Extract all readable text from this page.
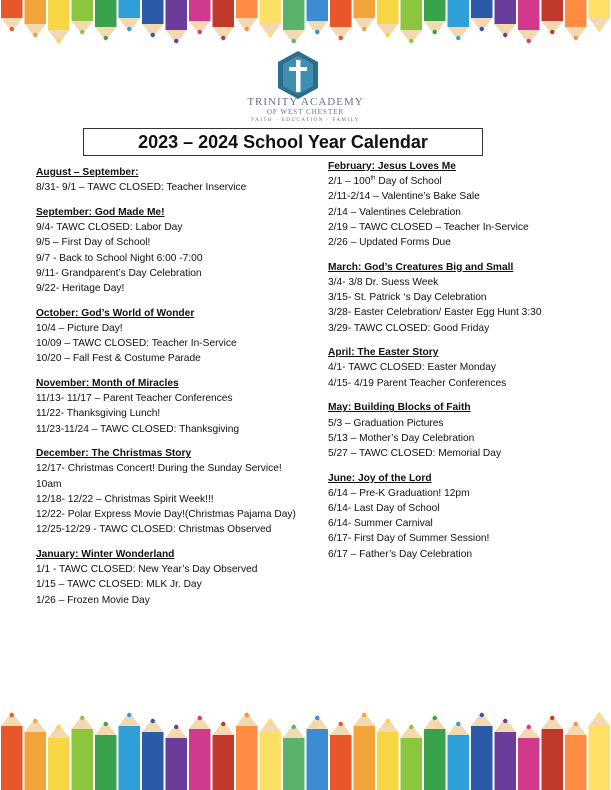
TRINITY ACADEMY
OF WEST CHESTER
FAITH · EDUCATION · FAMILY
2023 – 2024 School Year Calendar
August – September:
8/31- 9/1 – TAWC CLOSED: Teacher Inservice
September: God Made Me!
9/4- TAWC CLOSED: Labor Day
9/5 – First Day of School!
9/7 - Back to School Night 6:00 -7:00
9/11- Grandparent’s Day Celebration
9/22- Heritage Day!
October: God’s World of Wonder
10/4 – Picture Day!
10/09 – TAWC CLOSED: Teacher In-Service
10/20 – Fall Fest & Costume Parade
November: Month of Miracles
11/13- 11/17 – Parent Teacher Conferences
11/22- Thanksgiving Lunch!
11/23-11/24 – TAWC CLOSED: Thanksgiving
December: The Christmas Story
12/17- Christmas Concert! During the Sunday Service! 10am
12/18- 12/22 – Christmas Spirit Week!!!
12/22- Polar Express Movie Day!(Christmas Pajama Day)
12/25-12/29 - TAWC CLOSED: Christmas Observed
January: Winter Wonderland
1/1 - TAWC CLOSED: New Year’s Day Observed
1/15 – TAWC CLOSED: MLK Jr. Day
1/26 – Frozen Movie Day
February: Jesus Loves Me
2/1 – 100th Day of School
2/11-2/14 – Valentine’s Bake Sale
2/14 – Valentines Celebration
2/19 – TAWC CLOSED – Teacher In-Service
2/26 – Updated Forms Due
March: God’s Creatures Big and Small
3/4- 3/8 Dr. Suess Week
3/15- St. Patrick ‘s Day Celebration
3/28- Easter Celebration/ Easter Egg Hunt 3:30
3/29- TAWC CLOSED: Good Friday
April: The Easter Story
4/1- TAWC CLOSED: Easter Monday
4/15- 4/19 Parent Teacher Conferences
May: Building Blocks of Faith
5/3 – Graduation Pictures
5/13 – Mother’s Day Celebration
5/27 – TAWC CLOSED: Memorial Day
June: Joy of the Lord
6/14 – Pre-K Graduation! 12pm
6/14- Last Day of School
6/14- Summer Carnival
6/17- First Day of Summer Session!
6/17 – Father’s Day Celebration
